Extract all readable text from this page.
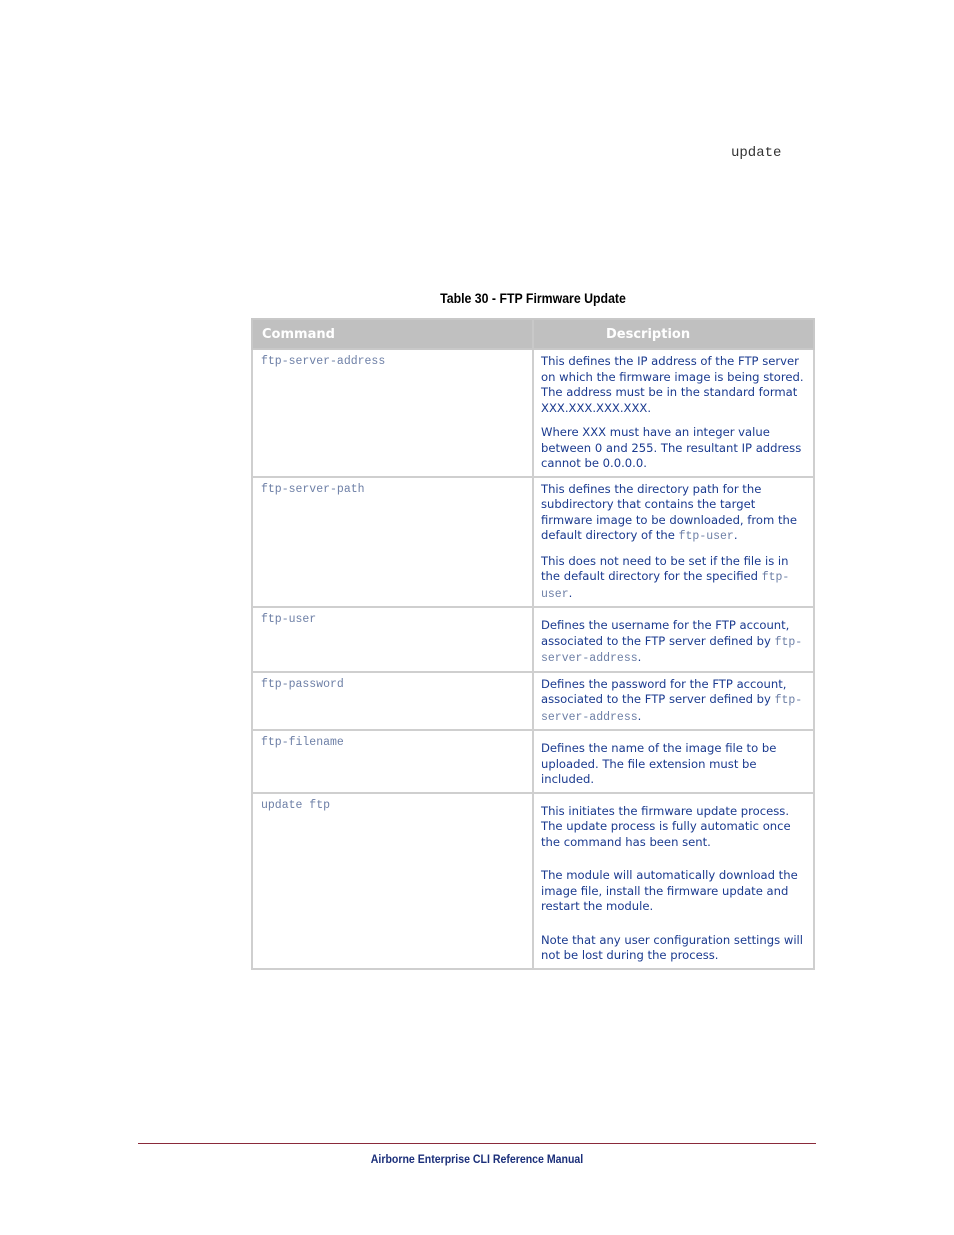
update
Table 30 - FTP Firmware Update
Command	Description
ftp-server-address	This defines the IP address of the FTP server on which the firmware image is being stored. The address must be in the standard format XXX.XXX.XXX.XXX.

Where XXX must have an integer value between 0 and 255. The resultant IP address cannot be 0.0.0.0.

ftp-server-path	This defines the directory path for the subdirectory that contains the target firmware image to be downloaded, from the default directory of the ftp-user.

This does not need to be set if the file is in the default directory for the specified ftp-user.

ftp-user	Defines the username for the FTP account, associated to the FTP server defined by ftp-server-address.

ftp-password	Defines the password for the FTP account, associated to the FTP server defined by ftp-server-address.

ftp-filename	Defines the name of the image file to be uploaded. The file extension must be included.

update ftp	This initiates the firmware update process. The update process is fully automatic once the command has been sent.

The module will automatically download the image file, install the firmware update and restart the module.

Note that any user configuration settings will not be lost during the process.

Airborne Enterprise CLI Reference Manual
